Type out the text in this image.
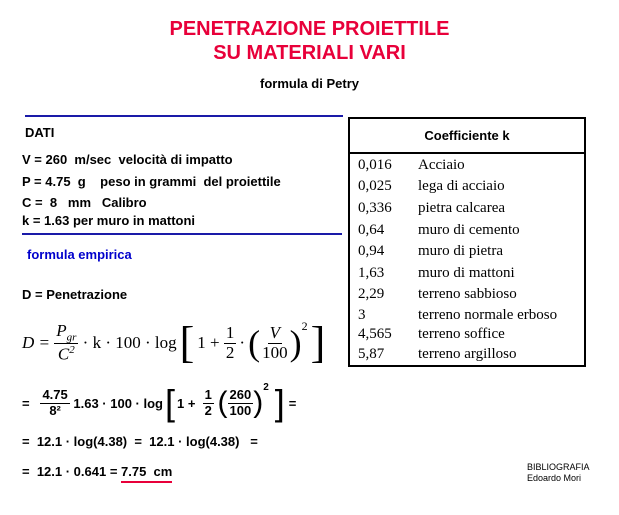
PENETRAZIONE PROIETTILE
SU MATERIALI VARI
formula di Petry
DATI
V = 260  m/sec  velocità di impatto
P = 4.75  g    peso in grammi  del proiettile
C =  8   mm   Calibro
k = 1.63 per muro in mattoni
formula empirica
D = Penetrazione
D =
$\frac{P_{gr}}{C^2}$
· k · 100 · log [ 1 +
$\frac{1}{2}$ · ( $\frac{V}{100} )^2$ ]
=
$\frac{4.75}{\text{8²}}$
1.63 · 100 · log [ 1 +
$\frac{1}{2}$
( $\frac{260}{100} )^2$ ] =
=  12.1 · log(4.38)  =  12.1 · log(4.38)   =
=  12.1 · 0.641 = 7.75  cm
Coefficiente k
0,016	Acciaio
0,025	lega di acciaio
0,336	pietra calcarea
0,64	muro di cemento
0,94	muro di pietra
1,63	muro di mattoni
2,29	terreno sabbioso
3	terreno normale erboso
4,565	terreno soffice
5,87	terreno argilloso
BIBLIOGRAFIA
Edoardo Mori
